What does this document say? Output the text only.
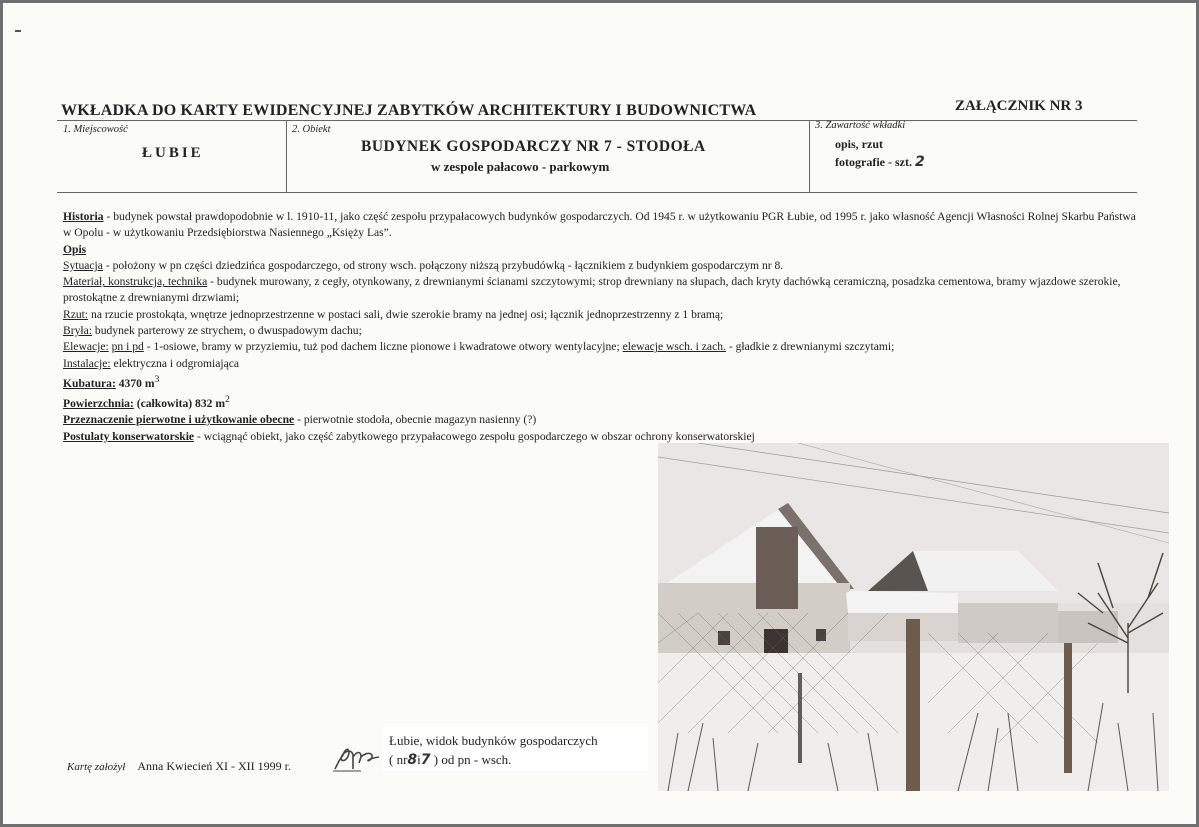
WKŁADKA DO KARTY EWIDENCYJNEJ ZABYTKÓW ARCHITEKTURY I BUDOWNICTWA	ZAŁĄCZNIK NR 3
1. Miejscowość
ŁUBIE
2. Obiekt
BUDYNEK GOSPODARCZY NR 7 - STODOŁA
w zespole pałacowo - parkowym
3. Zawartość wkładki
opis, rzut
fotografie - szt. 2

Historia - budynek powstał prawdopodobnie w l. 1910-11, jako część zespołu przypałacowych budynków gospodarczych. Od 1945 r. w użytkowaniu PGR Łubie, od 1995 r. jako własność Agencji Własności Rolnej Skarbu Państwa w Opolu - w użytkowaniu Przedsiębiorstwa Nasiennego „Księży Las”.

Opis

Sytuacja - położony w pn części dziedzińca gospodarczego, od strony wsch. połączony niższą przybudówką - łącznikiem z budynkiem gospodarczym nr 8.

Materiał, konstrukcja, technika - budynek murowany, z cegły, otynkowany, z drewnianymi ścianami szczytowymi; strop drewniany na słupach, dach kryty dachówką ceramiczną, posadzka cementowa, bramy wjazdowe szerokie, prostokątne z drewnianymi drzwiami;

Rzut: na rzucie prostokąta, wnętrze jednoprzestrzenne w postaci sali, dwie szerokie bramy na jednej osi; łącznik jednoprzestrzenny z 1 bramą;

Bryła: budynek parterowy ze strychem, o dwuspadowym dachu;

Elewacje: pn i pd - 1-osiowe, bramy w przyziemiu, tuż pod dachem liczne pionowe i kwadratowe otwory wentylacyjne; elewacje wsch. i zach. - gładkie z drewnianymi szczytami;

Instalacje: elektryczna i odgromiająca

Kubatura: 4370 $m^3$

Powierzchnia: (całkowita) 832 $m^2$

Przeznaczenie pierwotne i użytkowanie obecne - pierwotnie stodoła, obecnie magazyn nasienny (?)

Postulaty konserwatorskie - wciągnąć obiekt, jako część zabytkowego przypałacowego zespołu gospodarczego w obszar ochrony konserwatorskiej

Łubie, widok budynków gospodarczych
( nr8i7 ) od pn - wsch.
Kartę założył Anna Kwiecień XI - XII 1999 r.
